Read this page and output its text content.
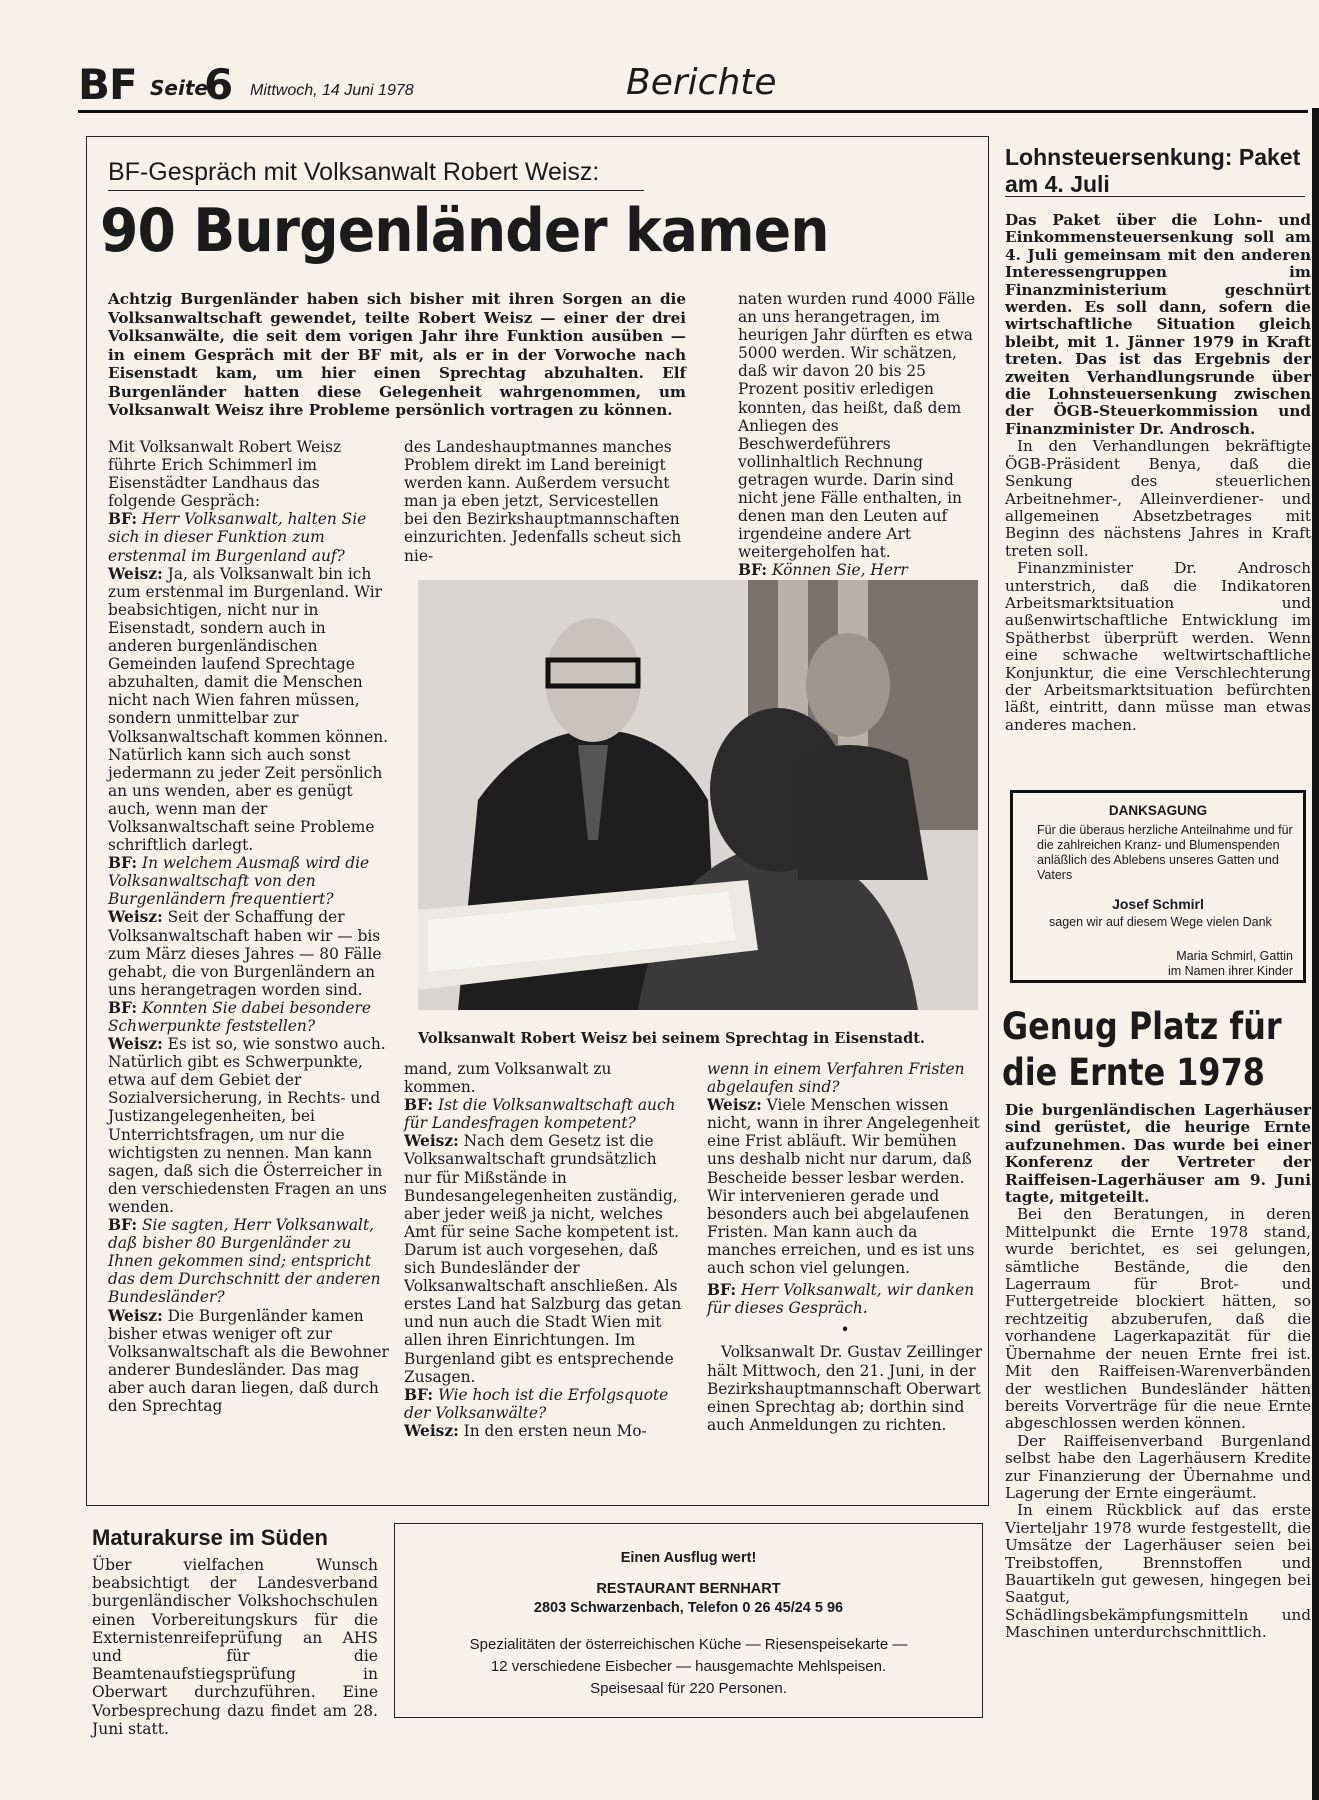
BF Seite
6 Mittwoch, 14 Juni 1978	Berichte
BF-Gespräch mit Volksanwalt Robert Weisz:
90 Burgenländer kamen
Achtzig Burgenländer haben sich bisher mit ihren Sorgen an die Volksanwaltschaft gewendet, teilte Robert Weisz — einer der drei Volksanwälte, die seit dem vorigen Jahr ihre Funktion ausüben — in einem Gespräch mit der BF mit, als er in der Vorwoche nach Eisenstadt kam, um hier einen Sprechtag abzuhalten. Elf Burgenländer hatten diese Gelegenheit wahrgenommen, um Volksanwalt Weisz ihre Probleme persönlich vortragen zu können.

naten wurden rund 4000 Fälle an uns herangetragen, im heurigen Jahr dürften es etwa 5000 werden. Wir schätzen, daß wir davon 20 bis 25 Prozent positiv erledigen konnten, das heißt, daß dem Anliegen des Beschwerdeführers vollinhaltlich Rechnung getragen wurde. Darin sind nicht jene Fälle enthalten, in denen man den Leuten auf irgendeine andere Art weitergeholfen hat.

BF: Können Sie, Herr

Mit Volksanwalt Robert Weisz führte Erich Schimmerl im Eisenstädter Landhaus das folgende Gespräch:

BF: Herr Volksanwalt, halten Sie sich in dieser Funktion zum erstenmal im Burgenland auf?

Weisz: Ja, als Volksanwalt bin ich zum erstenmal im Burgenland. Wir beabsichtigen, nicht nur in Eisenstadt, sondern auch in anderen burgenländischen Gemeinden laufend Sprechtage abzuhalten, damit die Menschen nicht nach Wien fahren müssen, sondern unmittelbar zur Volksanwaltschaft kommen können. Natürlich kann sich auch sonst jedermann zu jeder Zeit persönlich an uns wenden, aber es genügt auch, wenn man der Volksanwaltschaft seine Probleme schriftlich darlegt.

BF: In welchem Ausmaß wird die Volksanwaltschaft von den Burgenländern frequentiert?

Weisz: Seit der Schaffung der Volksanwaltschaft haben wir — bis zum März dieses Jahres — 80 Fälle gehabt, die von Burgenländern an uns herangetragen worden sind.

BF: Konnten Sie dabei besondere Schwerpunkte feststellen?

Weisz: Es ist so, wie sonstwo auch. Natürlich gibt es Schwerpunkte, etwa auf dem Gebiet der Sozialversicherung, in Rechts- und Justizangelegenheiten, bei Unterrichtsfragen, um nur die wichtigsten zu nennen. Man kann sagen, daß sich die Österreicher in den verschiedensten Fragen an uns wenden.

BF: Sie sagten, Herr Volksanwalt, daß bisher 80 Burgenländer zu Ihnen gekommen sind; entspricht das dem Durchschnitt der anderen Bundesländer?

Weisz: Die Burgenländer kamen bisher etwas weniger oft zur Volksanwaltschaft als die Bewohner anderer Bundesländer. Das mag aber auch daran liegen, daß durch den Sprechtag

des Landeshauptmannes manches Problem direkt im Land bereinigt werden kann. Außerdem versucht man ja eben jetzt, Servicestellen bei den Bezirkshauptmannschaften einzurichten. Jedenfalls scheut sich nie-

Volksanwalt Robert Weisz bei seinem Sprechtag in Eisenstadt.

mand, zum Volksanwalt zu kommen.

BF: Ist die Volksanwaltschaft auch für Landesfragen kompetent?

Weisz: Nach dem Gesetz ist die Volksanwaltschaft grundsätzlich nur für Mißstände in Bundesangelegenheiten zuständig, aber jeder weiß ja nicht, welches Amt für seine Sache kompetent ist. Darum ist auch vorgesehen, daß sich Bundesländer der Volksanwaltschaft anschließen. Als erstes Land hat Salzburg das getan und nun auch die Stadt Wien mit allen ihren Einrichtungen. Im Burgenland gibt es entsprechende Zusagen.

BF: Wie hoch ist die Erfolgsquote der Volksanwälte?

Weisz: In den ersten neun Mo-

wenn in einem Verfahren Fristen abgelaufen sind?

Weisz: Viele Menschen wissen nicht, wann in ihrer Angelegenheit eine Frist abläuft. Wir bemühen uns deshalb nicht nur darum, daß Bescheide besser lesbar werden. Wir intervenieren gerade und besonders auch bei abgelaufenen Fristen. Man kann auch da manches erreichen, und es ist uns auch schon viel gelungen.

BF: Herr Volksanwalt, wir danken für dieses Gespräch.

•

Volksanwalt Dr. Gustav Zeillinger hält Mittwoch, den 21. Juni, in der Bezirkshauptmannschaft Oberwart einen Sprechtag ab; dorthin sind auch Anmeldungen zu richten.

Lohnsteuersenkung: Paket am 4. Juli

Das Paket über die Lohn- und Einkommensteuersenkung soll am 4. Juli gemeinsam mit den anderen Interessengruppen im Finanzministerium geschnürt werden. Es soll dann, sofern die wirtschaftliche Situation gleich bleibt, mit 1. Jänner 1979 in Kraft treten. Das ist das Ergebnis der zweiten Verhandlungsrunde über die Lohnsteuersenkung zwischen der ÖGB-Steuerkommission und Finanzminister Dr. Androsch.

In den Verhandlungen bekräftigte ÖGB-Präsident Benya, daß die Senkung des steuerlichen Arbeitnehmer-, Alleinverdiener- und allgemeinen Absetzbetrages mit Beginn des nächstens Jahres in Kraft treten soll.

Finanzminister Dr. Androsch unterstrich, daß die Indikatoren Arbeitsmarktsituation und außenwirtschaftliche Entwicklung im Spätherbst überprüft werden. Wenn eine schwache weltwirtschaftliche Konjunktur, die eine Verschlechterung der Arbeitsmarktsituation befürchten läßt, eintritt, dann müsse man etwas anderes machen.

DANKSAGUNG
Für die überaus herzliche Anteilnahme und für die zahlreichen Kranz- und Blumenspenden anläßlich des Ablebens unseres Gatten und Vaters
Josef Schmirl
sagen wir auf diesem Wege vielen Dank
Maria Schmirl, Gattin
im Namen ihrer Kinder
Genug Platz für
die Ernte 1978

Die burgenländischen Lagerhäuser sind gerüstet, die heurige Ernte aufzunehmen. Das wurde bei einer Konferenz der Vertreter der Raiffeisen-Lagerhäuser am 9. Juni tagte, mitgeteilt.

Bei den Beratungen, in deren Mittelpunkt die Ernte 1978 stand, wurde berichtet, es sei gelungen, sämtliche Bestände, die den Lagerraum für Brot- und Futtergetreide blockiert hätten, so rechtzeitig abzuberufen, daß die vorhandene Lagerkapazität für die Übernahme der neuen Ernte frei ist. Mit den Raiffeisen-Warenverbänden der westlichen Bundesländer hätten bereits Vorverträge für die neue Ernte abgeschlossen werden können.

Der Raiffeisenverband Burgenland selbst habe den Lagerhäusern Kredite zur Finanzierung der Übernahme und Lagerung der Ernte eingeräumt.

In einem Rückblick auf das erste Vierteljahr 1978 wurde festgestellt, die Umsätze der Lagerhäuser seien bei Treibstoffen, Brennstoffen und Bauartikeln gut gewesen, hingegen bei Saatgut, Schädlingsbekämpfungsmitteln und Maschinen unterdurchschnittlich.

Maturakurse im Süden
Über vielfachen Wunsch beabsichtigt der Landesverband burgenländischer Volkshochschulen einen Vorbereitungskurs für die Externistenreifeprüfung an AHS und für die Beamtenaufstiegsprüfung in Oberwart durchzuführen. Eine Vorbesprechung dazu findet am 28. Juni statt.
Einen Ausflug wert!
RESTAURANT BERNHART
2803 Schwarzenbach, Telefon 0 26 45/24 5 96
Spezialitäten der österreichischen Küche — Riesenspeisekarte —
12 verschiedene Eisbecher — hausgemachte Mehlspeisen.
Speisesaal für 220 Personen.
